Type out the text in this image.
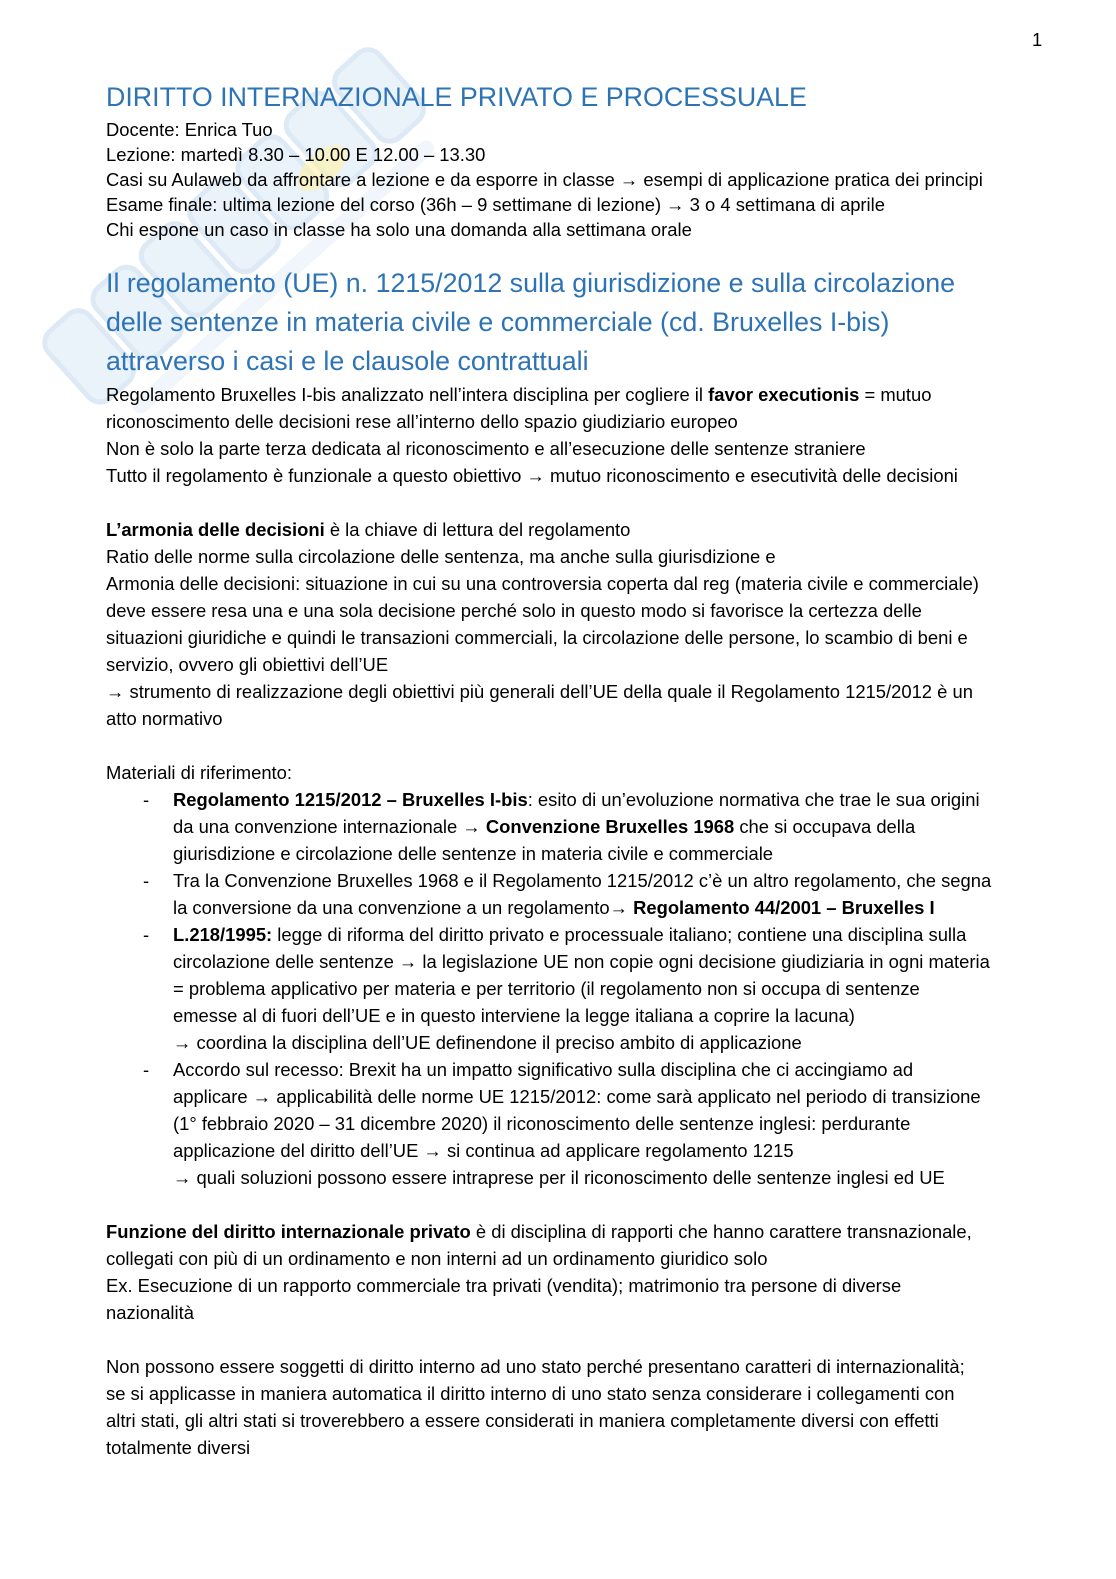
1
DIRITTO INTERNAZIONALE PRIVATO E PROCESSUALE
Docente: Enrica Tuo
Lezione: martedì 8.30 – 10.00 E 12.00 – 13.30
Casi su Aulaweb da affrontare a lezione e da esporre in classe → esempi di applicazione pratica dei principi
Esame finale: ultima lezione del corso (36h – 9 settimane di lezione) → 3 o 4 settimana di aprile
Chi espone un caso in classe ha solo una domanda alla settimana orale
Il regolamento (UE) n. 1215/2012 sulla giurisdizione e sulla circolazione
delle sentenze in materia civile e commerciale (cd. Bruxelles I-bis)
attraverso i casi e le clausole contrattuali
Regolamento Bruxelles I-bis analizzato nell’intera disciplina per cogliere il favor executionis = mutuo
riconoscimento delle decisioni rese all’interno dello spazio giudiziario europeo
Non è solo la parte terza dedicata al riconoscimento e all’esecuzione delle sentenze straniere
Tutto il regolamento è funzionale a questo obiettivo → mutuo riconoscimento e esecutività delle decisioni
L’armonia delle decisioni è la chiave di lettura del regolamento
Ratio delle norme sulla circolazione delle sentenza, ma anche sulla giurisdizione e
Armonia delle decisioni: situazione in cui su una controversia coperta dal reg (materia civile e commerciale)
deve essere resa una e una sola decisione perché solo in questo modo si favorisce la certezza delle
situazioni giuridiche e quindi le transazioni commerciali, la circolazione delle persone, lo scambio di beni e
servizio, ovvero gli obiettivi dell’UE
→ strumento di realizzazione degli obiettivi più generali dell’UE della quale il Regolamento 1215/2012 è un
atto normativo
Materiali di riferimento:
- Regolamento 1215/2012 – Bruxelles I-bis: esito di un’evoluzione normativa che trae le sua origini
da una convenzione internazionale → Convenzione Bruxelles 1968 che si occupava della
giurisdizione e circolazione delle sentenze in materia civile e commerciale
- Tra la Convenzione Bruxelles 1968 e il Regolamento 1215/2012 c’è un altro regolamento, che segna
la conversione da una convenzione a un regolamento→ Regolamento 44/2001 – Bruxelles I
- L.218/1995: legge di riforma del diritto privato e processuale italiano; contiene una disciplina sulla
circolazione delle sentenze → la legislazione UE non copie ogni decisione giudiziaria in ogni materia
= problema applicativo per materia e per territorio (il regolamento non si occupa di sentenze
emesse al di fuori dell’UE e in questo interviene la legge italiana a coprire la lacuna)
→ coordina la disciplina dell’UE definendone il preciso ambito di applicazione
- Accordo sul recesso: Brexit ha un impatto significativo sulla disciplina che ci accingiamo ad
applicare → applicabilità delle norme UE 1215/2012: come sarà applicato nel periodo di transizione
(1° febbraio 2020 – 31 dicembre 2020) il riconoscimento delle sentenze inglesi: perdurante
applicazione del diritto dell’UE → si continua ad applicare regolamento 1215
→ quali soluzioni possono essere intraprese per il riconoscimento delle sentenze inglesi ed UE
Funzione del diritto internazionale privato è di disciplina di rapporti che hanno carattere transnazionale,
collegati con più di un ordinamento e non interni ad un ordinamento giuridico solo
Ex. Esecuzione di un rapporto commerciale tra privati (vendita); matrimonio tra persone di diverse
nazionalità
Non possono essere soggetti di diritto interno ad uno stato perché presentano caratteri di internazionalità;
se si applicasse in maniera automatica il diritto interno di uno stato senza considerare i collegamenti con
altri stati, gli altri stati si troverebbero a essere considerati in maniera completamente diversi con effetti
totalmente diversi
